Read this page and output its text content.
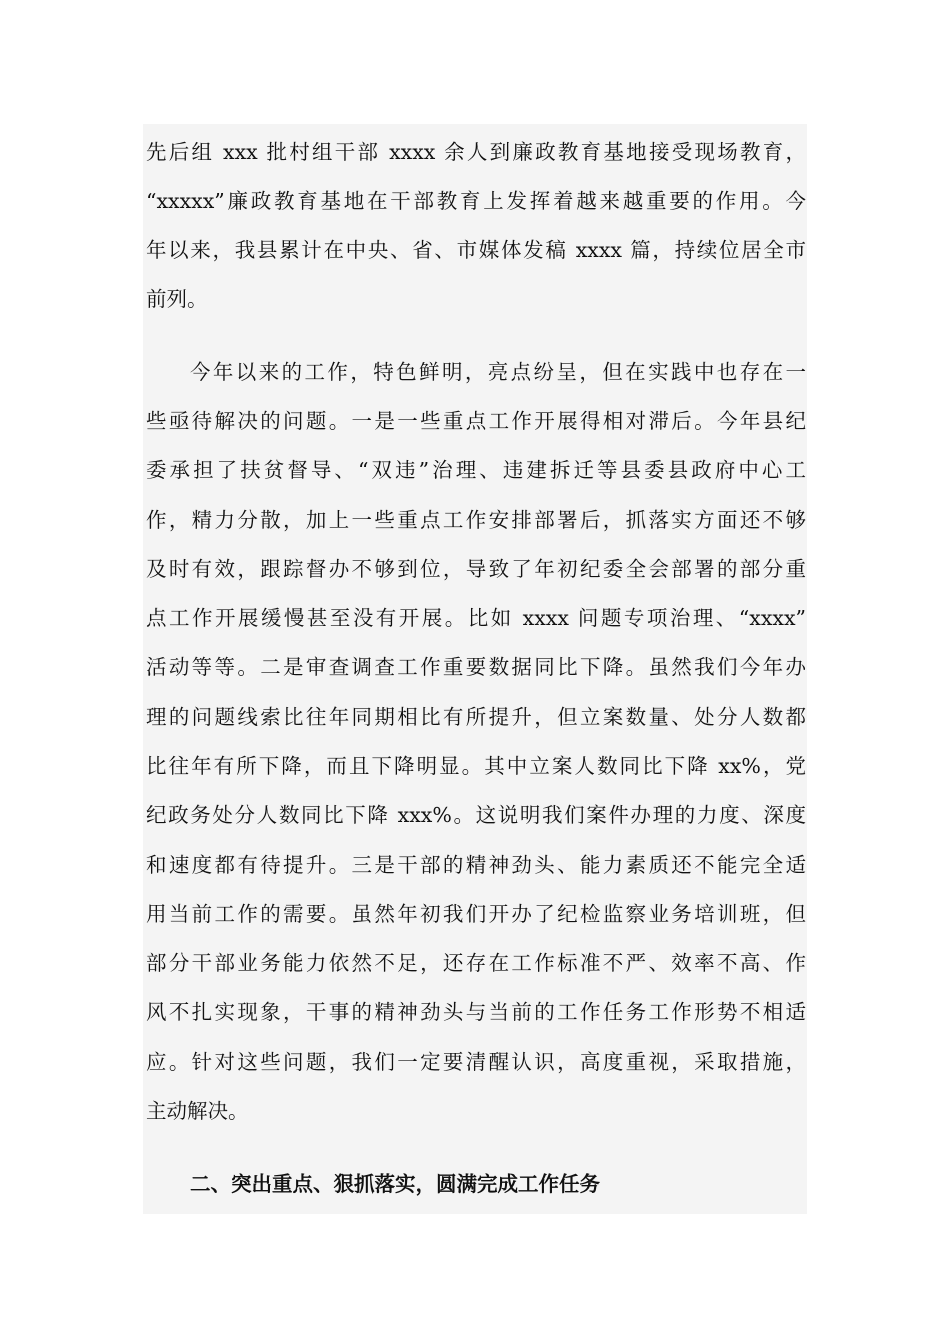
先后组 xxx 批村组干部 xxxx 余人到廉政教育基地接受现场教育，
“xxxxx”廉政教育基地在干部教育上发挥着越来越重要的作用。今
年以来，我县累计在中央、省、市媒体发稿 xxxx 篇，持续位居全市
前列。
今年以来的工作，特色鲜明，亮点纷呈，但在实践中也存在一
些亟待解决的问题。一是一些重点工作开展得相对滞后。今年县纪
委承担了扶贫督导、“双违”治理、违建拆迁等县委县政府中心工
作，精力分散，加上一些重点工作安排部署后，抓落实方面还不够
及时有效，跟踪督办不够到位，导致了年初纪委全会部署的部分重
点工作开展缓慢甚至没有开展。比如 xxxx 问题专项治理、“xxxx”
活动等等。二是审查调查工作重要数据同比下降。虽然我们今年办
理的问题线索比往年同期相比有所提升，但立案数量、处分人数都
比往年有所下降，而且下降明显。其中立案人数同比下降 xx%，党
纪政务处分人数同比下降 xxx%。这说明我们案件办理的力度、深度
和速度都有待提升。三是干部的精神劲头、能力素质还不能完全适
用当前工作的需要。虽然年初我们开办了纪检监察业务培训班，但
部分干部业务能力依然不足，还存在工作标准不严、效率不高、作
风不扎实现象，干事的精神劲头与当前的工作任务工作形势不相适
应。针对这些问题，我们一定要清醒认识，高度重视，采取措施，
主动解决。
二、突出重点、狠抓落实，圆满完成工作任务
